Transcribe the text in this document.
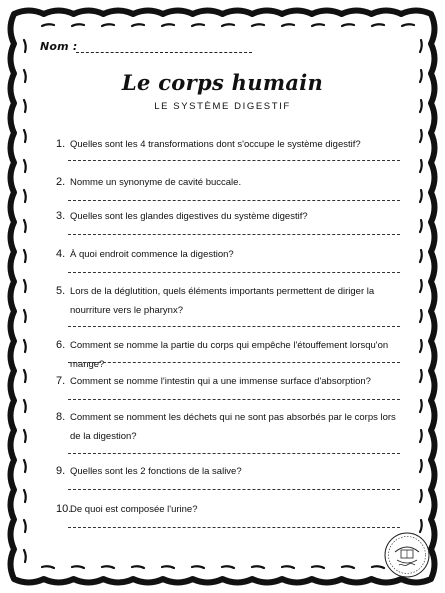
Nom :
Le corps humain
LE SYSTÈME DIGESTIF
1. Quelles sont les 4 transformations dont s'occupe le système digestif?
2. Nomme un synonyme de cavité buccale.
3. Quelles sont les glandes digestives du système digestif?
4. À quoi endroit commence la digestion?
5. Lors de la déglutition, quels éléments importants permettent de diriger la nourriture vers le pharynx?
6. Comment se nomme la partie du corps qui empêche l'étouffement lorsqu'on mange?
7. Comment se nomme l'intestin qui a une immense surface d'absorption?
8. Comment se nomment les déchets qui ne sont pas absorbés par le corps lors de la digestion?
9. Quelles sont les 2 fonctions de la salive?
10.
De quoi est composée l'urine?
